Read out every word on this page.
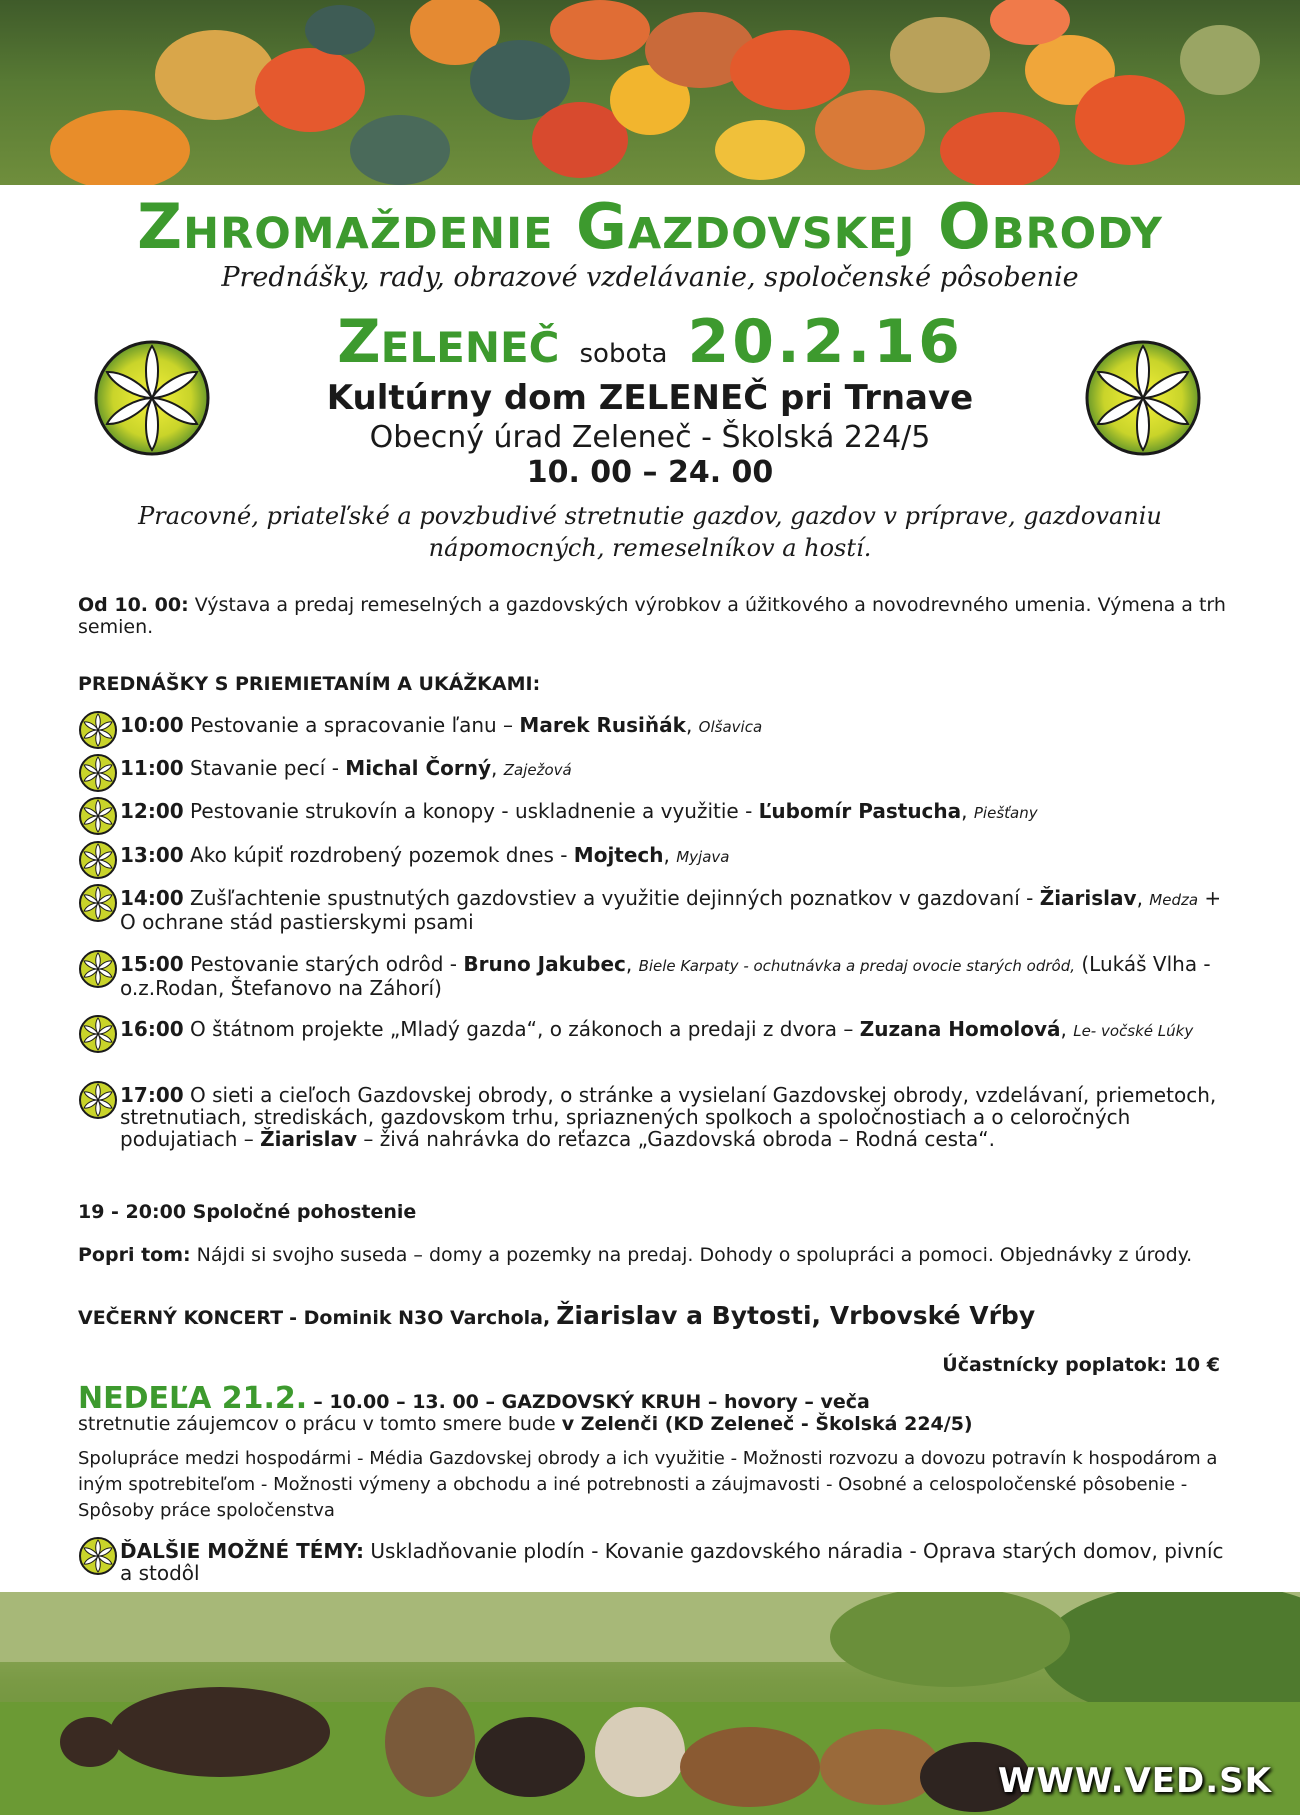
Zhromaždenie Gazdovskej Obrody
Prednášky, rady, obrazové vzdelávanie, spoločenské pôsobenie
Zeleneč sobota 20.2.16
Kultúrny dom ZELENEČ pri Trnave
Obecný úrad Zeleneč - Školská 224/5
10. 00 – 24. 00
Pracovné, priateľské a povzbudivé stretnutie gazdov, gazdov v príprave, gazdovaniu nápomocných, remeselníkov a hostí.
Od 10. 00: Výstava a predaj remeselných a gazdovských výrobkov a úžitkového a novodrevného umenia. Výmena a trh semien.
PREDNÁŠKY S PRIEMIETANÍM A UKÁŽKAMI:
10:00 Pestovanie a spracovanie ľanu – Marek Rusiňák, Olšavica
11:00 Stavanie pecí - Michal Čorný, Zaježová
12:00 Pestovanie strukovín a konopy - uskladnenie a využitie - Ľubomír Pastucha, Piešťany
13:00 Ako kúpiť rozdrobený pozemok dnes - Mojtech, Myjava
14:00 Zušľachtenie spustnutých gazdovstiev a využitie dejinných poznatkov v gazdovaní - Žiarislav, Medza + O ochrane stád pastierskymi psami
15:00 Pestovanie starých odrôd - Bruno Jakubec, Biele Karpaty - ochutnávka a predaj ovocie starých odrôd, (Lukáš Vlha - o.z.Rodan, Štefanovo na Záhorí)
16:00 O štátnom projekte „Mladý gazda“, o zákonoch a predaji z dvora – Zuzana Homolová, Le- vočské Lúky
17:00 O sieti a cieľoch Gazdovskej obrody, o stránke a vysielaní Gazdovskej obrody, vzdelávaní, priemetoch, stretnutiach, strediskách, gazdovskom trhu, spriaznených spolkoch a spoločnostiach a o celoročných podujatiach – Žiarislav – živá nahrávka do reťazca „Gazdovská obroda – Rodná cesta“.
19 - 20:00 Spoločné pohostenie
Popri tom: Nájdi si svojho suseda – domy a pozemky na predaj. Dohody o spolupráci a pomoci. Objednávky z úrody.
VEČERNÝ KONCERT - Dominik N3O Varchola, Žiarislav a Bytosti, Vrbovské Vŕby
Účastnícky poplatok: 10 €
NEDEĽA 21.2. – 10.00 – 13. 00 – GAZDOVSKÝ KRUH – hovory – veča
stretnutie záujemcov o prácu v tomto smere bude v Zelenči (KD Zeleneč - Školská 224/5)
Spolupráce medzi hospodármi - Média Gazdovskej obrody a ich využitie - Možnosti rozvozu a dovozu potravín k hospodárom a iným spotrebiteľom - Možnosti výmeny a obchodu a iné potrebnosti a záujmavosti - Osobné a celospoločenské pôsobenie - Spôsoby práce spoločenstva
ĎALŠIE MOŽNÉ TÉMY: Uskladňovanie plodín - Kovanie gazdovského náradia - Oprava starých domov, pivníc a stodôl
WWW.VED.SK
